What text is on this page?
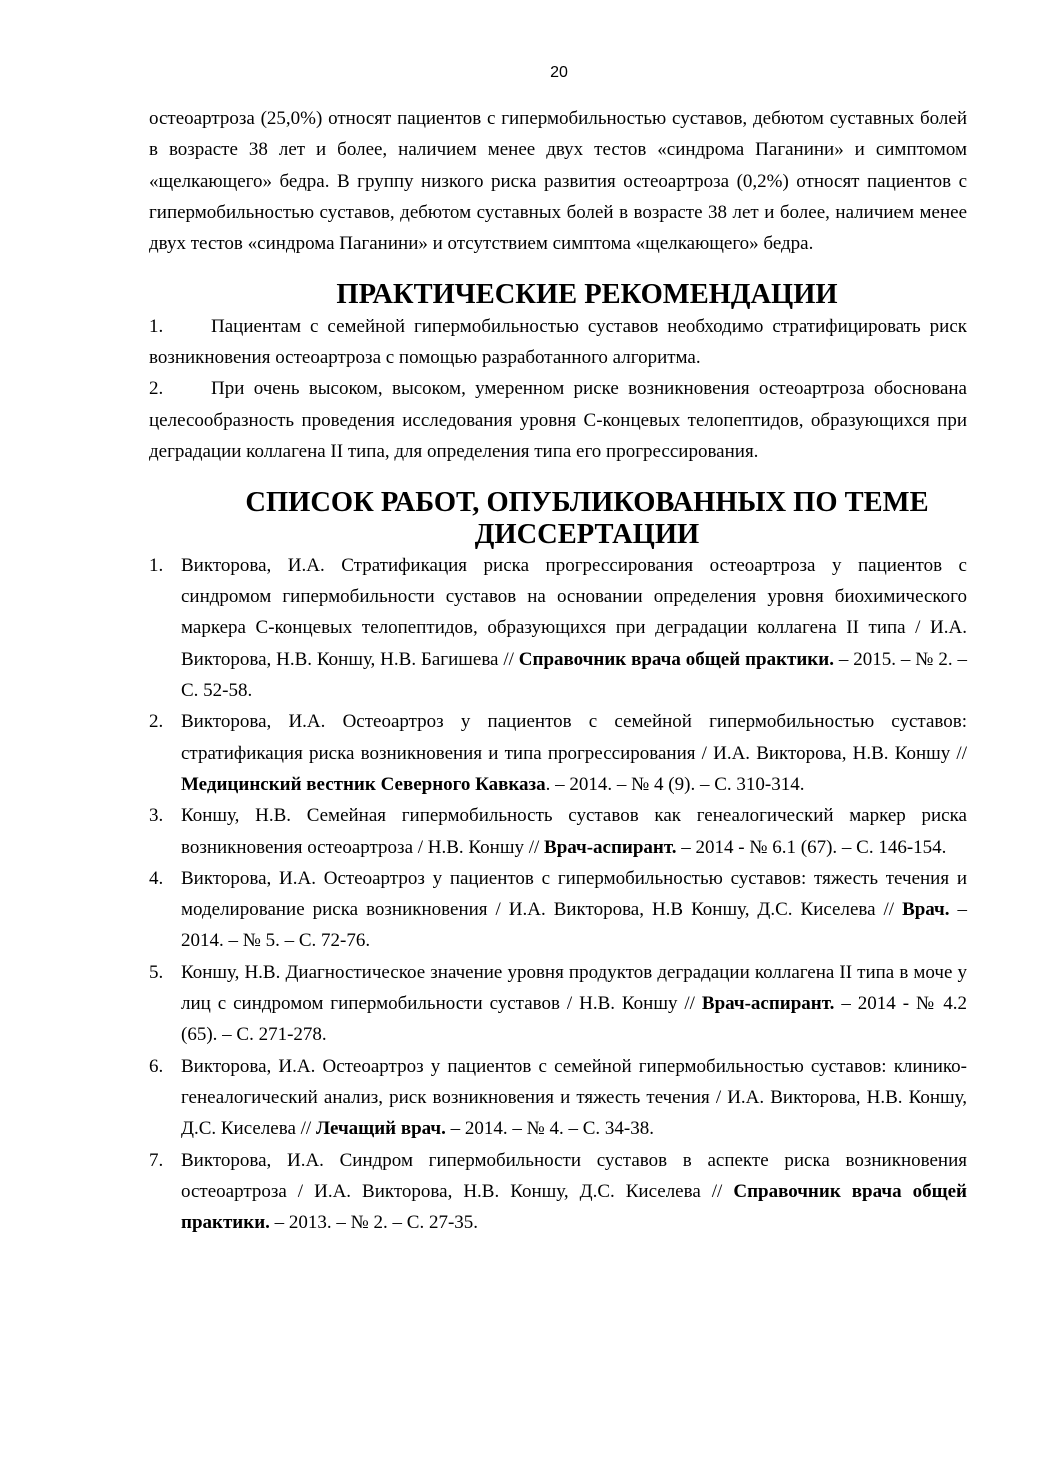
20

остеоартроза (25,0%) относят пациентов с гипермобильностью суставов, дебютом суставных болей в возрасте 38 лет и более, наличием менее двух тестов «синдрома Паганини» и симптомом «щелкающего» бедра. В группу низкого риска развития остеоартроза (0,2%) относят пациентов с гипермобильностью суставов, дебютом суставных болей в возрасте 38 лет и более, наличием менее двух тестов «синдрома Паганини» и отсутствием симптома «щелкающего» бедра.

ПРАКТИЧЕСКИЕ РЕКОМЕНДАЦИИ

1.	Пациентам с семейной гипермобильностью суставов необходимо стратифицировать риск возникновения остеоартроза с помощью разработанного алгоритма.

2.	При очень высоком, высоком, умеренном риске возникновения остеоартроза обоснована целесообразность проведения исследования уровня С-концевых телопептидов, образующихся при деградации коллагена II типа, для определения типа его прогрессирования.

СПИСОК РАБОТ, ОПУБЛИКОВАННЫХ ПО ТЕМЕ ДИССЕРТАЦИИ
1. Викторова, И.А. Стратификация риска прогрессирования остеоартроза у пациентов с синдромом гипермобильности суставов на основании определения уровня биохимического маркера С-концевых телопептидов, образующихся при деградации коллагена II типа / И.А. Викторова, Н.В. Коншу, Н.В. Багишева // Справочник врача общей практики. – 2015. – № 2. – С. 52-58.
2. Викторова, И.А. Остеоартроз у пациентов с семейной гипермобильностью суставов: стратификация риска возникновения и типа прогрессирования / И.А. Викторова, Н.В. Коншу // Медицинский вестник Северного Кавказа. – 2014. – № 4 (9). – С. 310-314.
3. Коншу, Н.В. Семейная гипермобильность суставов как генеалогический маркер риска возникновения остеоартроза / Н.В. Коншу // Врач-аспирант. – 2014 - № 6.1 (67). – С. 146-154.
4. Викторова, И.А. Остеоартроз у пациентов с гипермобильностью суставов: тяжесть течения и моделирование риска возникновения / И.А. Викторова, Н.В Коншу, Д.С. Киселева // Врач. – 2014. – № 5. – С. 72-76.
5. Коншу, Н.В. Диагностическое значение уровня продуктов деградации коллагена II типа в моче у лиц с синдромом гипермобильности суставов / Н.В. Коншу // Врач-аспирант. – 2014 - № 4.2 (65). – С. 271-278.
6. Викторова, И.А. Остеоартроз у пациентов с семейной гипермобильностью суставов: клинико-генеалогический анализ, риск возникновения и тяжесть течения / И.А. Викторова, Н.В. Коншу, Д.С. Киселева // Лечащий врач. – 2014. – № 4. – С. 34-38.
7. Викторова, И.А. Синдром гипермобильности суставов в аспекте риска возникновения остеоартроза / И.А. Викторова, Н.В. Коншу, Д.С. Киселева // Справочник врача общей практики. – 2013. – № 2. – С. 27-35.
